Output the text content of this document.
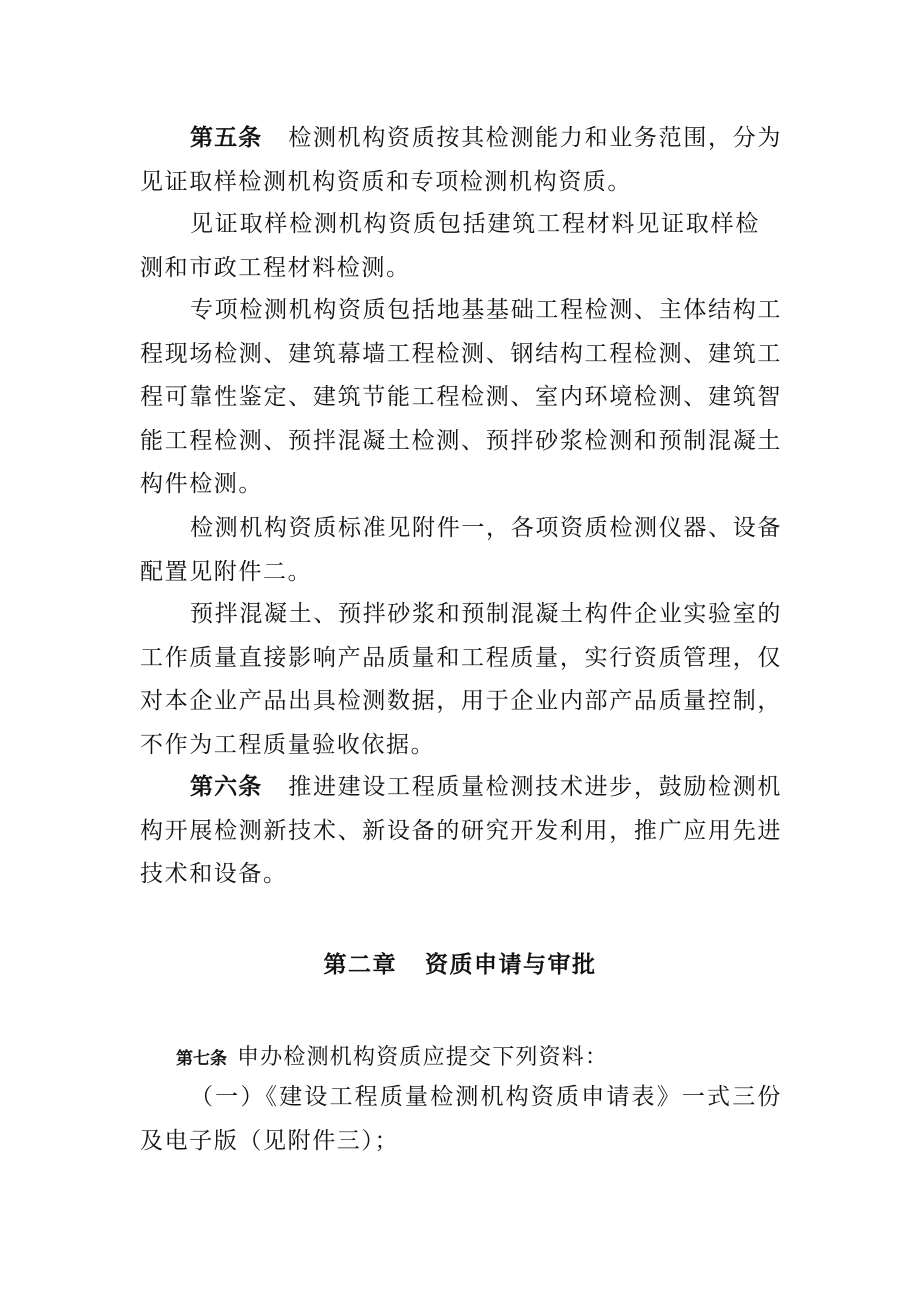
第五条 检测机构资质按其检测能力和业务范围，分为见证取样检测机构资质和专项检测机构资质。

见证取样检测机构资质包括建筑工程材料见证取样检测和市政工程材料检测。

专项检测机构资质包括地基基础工程检测、主体结构工程现场检测、建筑幕墙工程检测、钢结构工程检测、建筑工程可靠性鉴定、建筑节能工程检测、室内环境检测、建筑智能工程检测、预拌混凝土检测、预拌砂浆检测和预制混凝土构件检测。

检测机构资质标准见附件一，各项资质检测仪器、设备配置见附件二。

预拌混凝土、预拌砂浆和预制混凝土构件企业实验室的工作质量直接影响产品质量和工程质量，实行资质管理，仅对本企业产品出具检测数据，用于企业内部产品质量控制，不作为工程质量验收依据。

第六条 推进建设工程质量检测技术进步，鼓励检测机构开展检测新技术、新设备的研究开发利用，推广应用先进技术和设备。

第二章 资质申请与审批

第七条 申办检测机构资质应提交下列资料：

（一）《建设工程质量检测机构资质申请表》一式三份及电子版（见附件三）；
